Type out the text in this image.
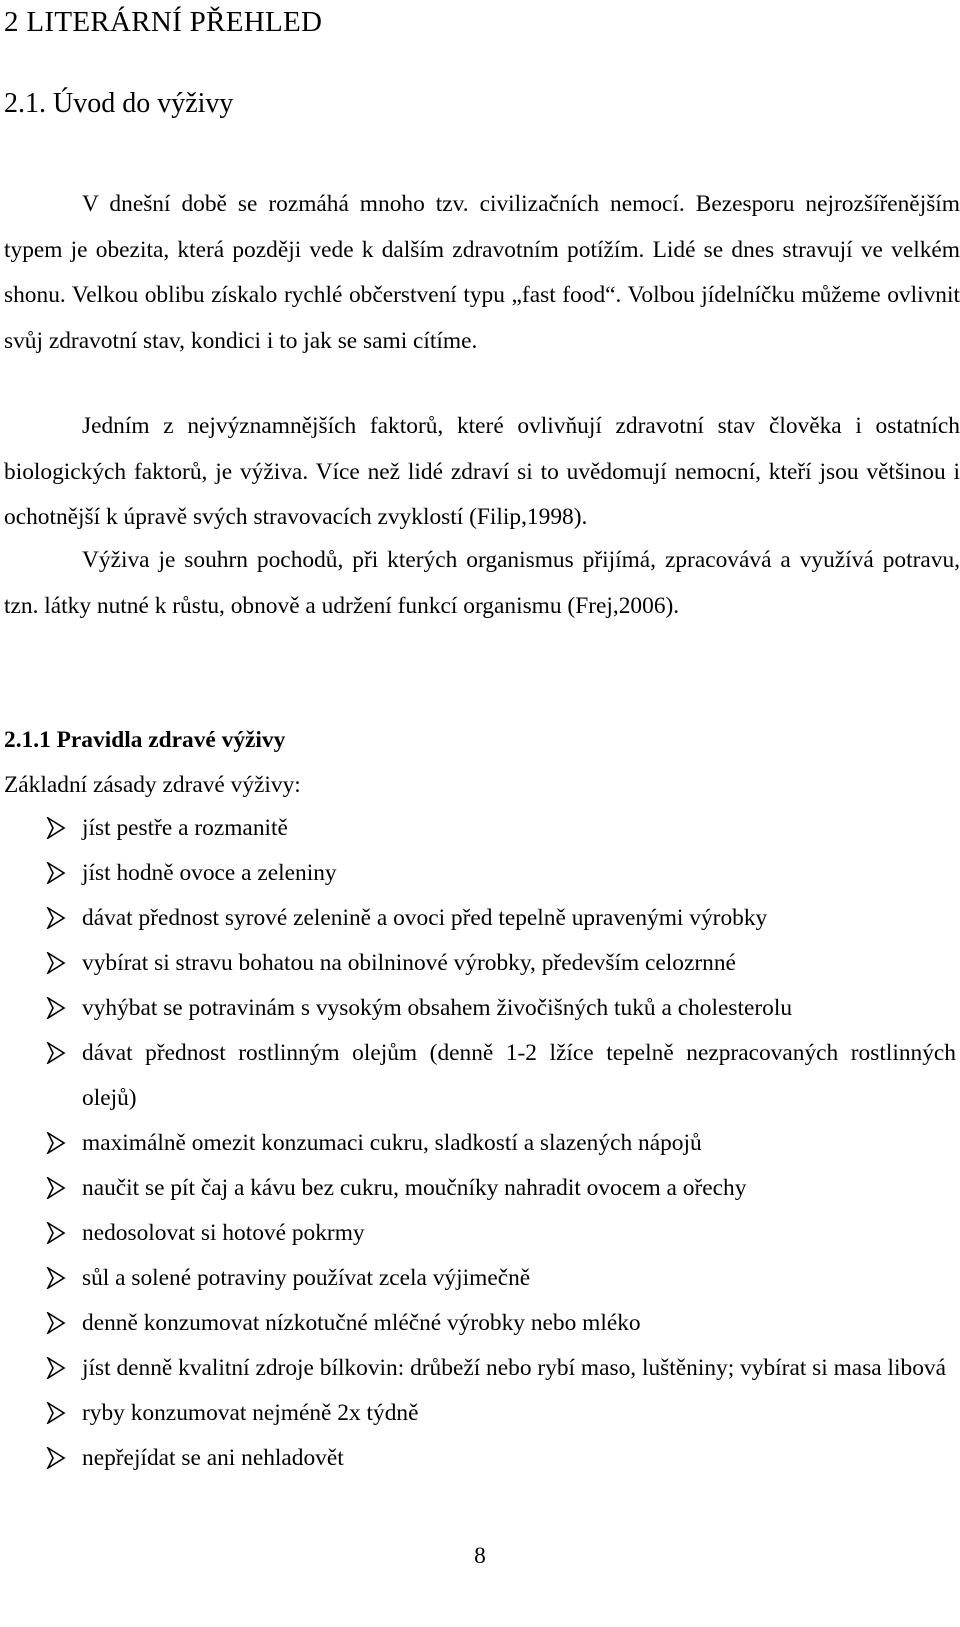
2 LITERÁRNÍ PŘEHLED
2.1. Úvod do výživy

V dnešní době se rozmáhá mnoho tzv. civilizačních nemocí. Bezesporu nejrozšířenějším typem je obezita, která později vede k dalším zdravotním potížím. Lidé se dnes stravují ve velkém shonu. Velkou oblibu získalo rychlé občerstvení typu „fast food“. Volbou jídelníčku můžeme ovlivnit svůj zdravotní stav, kondici i to jak se sami cítíme.

Jedním z nejvýznamnějších faktorů, které ovlivňují zdravotní stav člověka i ostatních biologických faktorů, je výživa. Více než lidé zdraví si to uvědomují nemocní, kteří jsou většinou i ochotnější k úpravě svých stravovacích zvyklostí (Filip,1998).

Výživa je souhrn pochodů, při kterých organismus přijímá, zpracovává a využívá potravu, tzn. látky nutné k růstu, obnově a udržení funkcí organismu (Frej,2006).

2.1.1 Pravidla zdravé výživy

Základní zásady zdravé výživy:

jíst pestře a rozmanitě
jíst hodně ovoce a zeleniny
dávat přednost syrové zelenině a ovoci před tepelně upravenými výrobky
vybírat si stravu bohatou na obilninové výrobky, především celozrnné
vyhýbat se potravinám s vysokým obsahem živočišných tuků a cholesterolu
dávat přednost rostlinným olejům (denně 1-2 lžíce tepelně nezpracovaných rostlinných olejů)
maximálně omezit konzumaci cukru, sladkostí a slazených nápojů
naučit se pít čaj a kávu bez cukru, moučníky nahradit ovocem a ořechy
nedosolovat si hotové pokrmy
sůl a solené potraviny používat zcela výjimečně
denně konzumovat nízkotučné mléčné výrobky nebo mléko
jíst denně kvalitní zdroje bílkovin: drůbeží nebo rybí maso, luštěniny; vybírat si masa libová
ryby konzumovat nejméně 2x týdně
nepřejídat se ani nehladovět

8
